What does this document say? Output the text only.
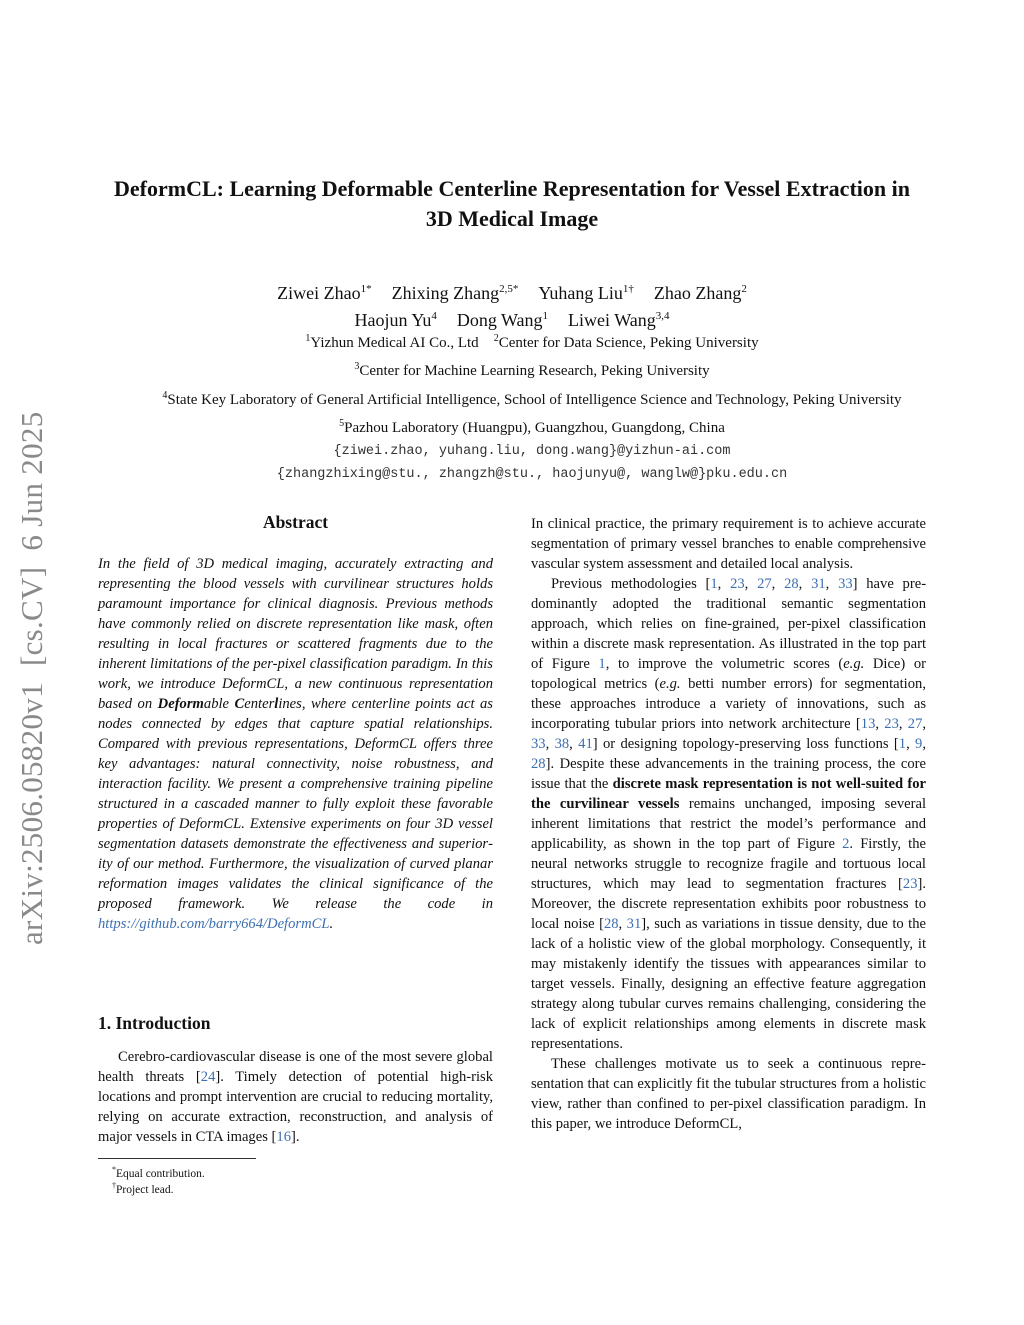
arXiv:2506.05820v1  [cs.CV]  6 Jun 2025
DeformCL: Learning Deformable Centerline Representation for Vessel Extraction in 3D Medical Image
Ziwei Zhao$^{1*}$ Zhixing Zhang$^{2,5*}$ Yuhang Liu$^{1\dagger}$ Zhao Zhang$^2$
Haojun Yu$^4$ Dong Wang$^1$ Liwei Wang$^{3,4}$
$^1$Yizhun Medical AI Co., Ltd $^2$Center for Data Science, Peking University
$^3$Center for Machine Learning Research, Peking University
$^4$State Key Laboratory of General Artificial Intelligence, School of Intelligence Science and Technology, Peking University
$^5$Pazhou Laboratory (Huangpu), Guangzhou, Guangdong, China
{ziwei.zhao, yuhang.liu, dong.wang}@yizhun-ai.com
{zhangzhixing@stu., zhangzh@stu., haojunyu@, wanglw@}pku.edu.cn
Abstract

In the field of 3D medical imaging, accurately extracting and representing the blood vessels with curvilinear structures holds paramount importance for clinical diagnosis. Previous methods have commonly relied on discrete representation like mask, often resulting in local fractures or scattered fragments due to the inherent limitations of the per-pixel classification paradigm. In this work, we introduce DeformCL, a new continuous representation based on Deformable Centerlines, where centerline points act as nodes connected by edges that capture spatial relationships. Compared with previous representations, DeformCL offers three key advantages: natural connectivity, noise robustness, and interaction facility. We present a comprehensive training pipeline structured in a cascaded manner to fully exploit these favorable properties of DeformCL. Extensive experiments on four 3D vessel segmentation datasets demonstrate the effectiveness and superiority of our method. Furthermore, the visualization of curved planar reformation images validates the clinical significance of the proposed framework. We release the code in https://github.com/barry664/DeformCL.

1. Introduction

Cerebro-cardiovascular disease is one of the most severe global health threats [24]. Timely detection of potential high-risk locations and prompt intervention are crucial to reducing mortality, relying on accurate extraction, reconstruction, and analysis of major vessels in CTA images [16].

*Equal contribution.
†Project lead.

In clinical practice, the primary requirement is to achieve accurate segmentation of primary vessel branches to enable comprehensive vascular system assessment and detailed local analysis.

Previous methodologies [1, 23, 27, 28, 31, 33] have predominantly adopted the traditional semantic segmentation approach, which relies on fine-grained, per-pixel classification within a discrete mask representation. As illustrated in the top part of Figure 1, to improve the volumetric scores (e.g. Dice) or topological metrics (e.g. betti number errors) for segmentation, these approaches introduce a variety of innovations, such as incorporating tubular priors into network architecture [13, 23, 27, 33, 38, 41] or designing topology-preserving loss functions [1, 9, 28]. Despite these advancements in the training process, the core issue that the discrete mask representation is not well-suited for the curvilinear vessels remains unchanged, imposing several inherent limitations that restrict the model’s performance and applicability, as shown in the top part of Figure 2. Firstly, the neural networks struggle to recognize fragile and tortuous local structures, which may lead to segmentation fractures [23]. Moreover, the discrete representation exhibits poor robustness to local noise [28, 31], such as variations in tissue density, due to the lack of a holistic view of the global morphology. Consequently, it may mistakenly identify the tissues with appearances similar to target vessels. Finally, designing an effective feature aggregation strategy along tubular curves remains challenging, considering the lack of explicit relationships among elements in discrete mask representations.

These challenges motivate us to seek a continuous representation that can explicitly fit the tubular structures from a holistic view, rather than confined to per-pixel classification paradigm. In this paper, we introduce DeformCL,
